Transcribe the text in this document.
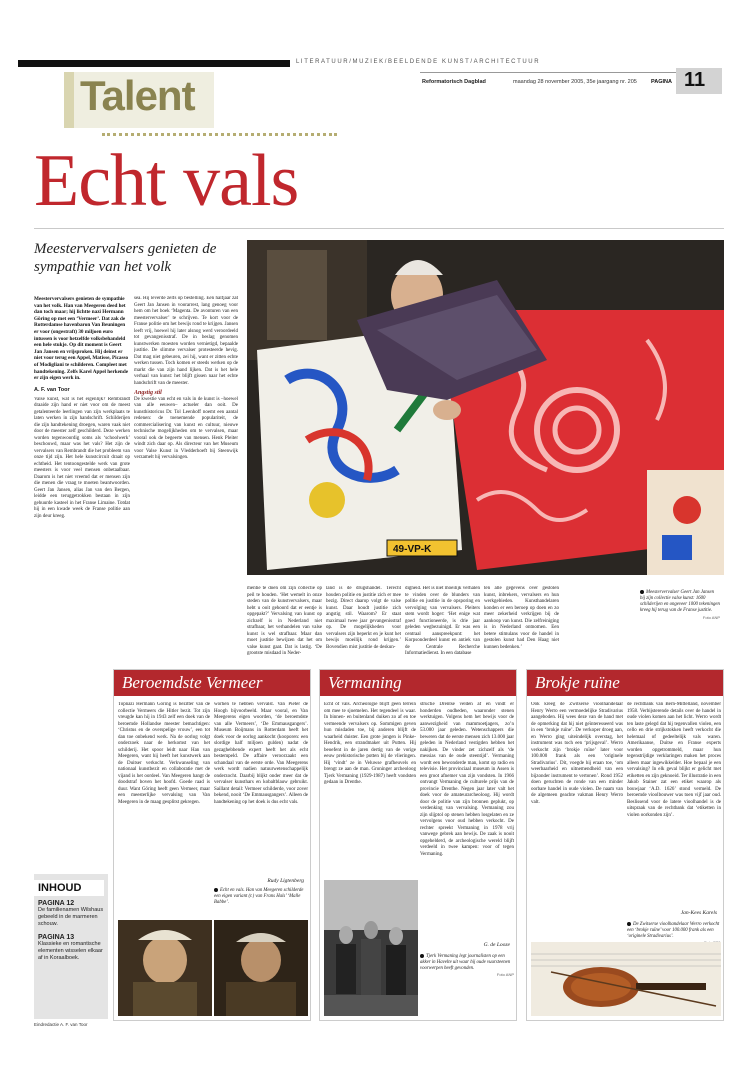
LITERATUUR/MUZIEK/BEELDENDE KUNST/ARCHITECTUUR
Talent	Reformatorisch Dagblad	maandag 28 november 2005, 35e jaargang nr. 205	PAGINA 11
Echt vals
Meestervervalsers genieten de sympathie van het volk
49-VP-K
Meestervervalser Geert Jan Jansen bij zijn collectie valse kunst: 1600 schilderijen en ongeveer 1000 tekeningen kreeg hij terug van de Franse justitie.
Foto ANP
Meestervervalsers genieten de sympathie van het volk. Han van Meegeren deed het dan toch maar; hij lichtte nazi Hermann Göring op met een ‘Vermeer’. Dat zak de Rotterdamse havenbaron Van Beuningen er voor (ongestraft) 30 miljoen euro intussen is voor hetzelfde volksbehandeld een hele stukje. Op dit moment is Geert Jan Jansen en vrijsproken. Hij deinst er niet voor terug een Appel, Matisse, Picasso of Modigliani te schilderen. Compleet met handtekening. Zelfs Karel Appel herkende er zijn eigen werk in.
A. F. van Toor

Valse kunst, wat is het eigenlijk? Rembrandt draaide zijn hand er niet voor om de meest getalenteerde leerlingen van zijn werkplaats te laten werken in zijn handschrift. Schilderijen die zijn handtekening droegen, waren vaak niet door de meester zelf geschilderd. Deze werken worden tegenwoordig soms als ‘schoolwerk’ beschouwd, maar was het vals? Het zijn de vervalsers van Rembrandt die het probleem van onze tijd zijn. Het hele kunstcircuit draait op echtheid. Het tentoongestelde werk van grote meesters is voor veel mensen onbetaalbaar. Daarom is het niet vreemd dat er mensen zijn die menen die vraag te moeten beantwoorden. Geert Jan Jansen, alias Jan van den Bergen, leidde een teruggetrokken bestaan in zijn gehuurde kasteel in het Franse Limaine. Totdat hij in een kwade week de Franse politie aan zijn deur kreeg.

sea. Hij leverde zelfs op bestelling. Een halfjaar zat Geert Jan Jansen in voorarrest, lang genoeg voor hem om het boek ‘Magenta. De avonturen van een meestervervalser’ te schrijven. Te kort voor de Franse politie om het bewijs rond te krijgen. Jansen leeft vrij, hoewel hij later alsnog werd veroordeeld tot gevangenisstraf. De in beslag genomen kunstwerken moesten worden vernietigd, bepaalde justitie. De slimme vervalser protesteerde hevig. Dat mag niet gebeuren, zei hij, want er zitten echte werken tussen. Toch komen er steeds werken op de markt die van zijn hand lijken. Dat is het hele verhaal van kunst: het blijft gissen naar het echte handschrift van de meester.

Angstig stil

De kwestie van echt en vals in de kunst is –hoewel van alle eeuwen– actueler dan ooit. De kunsthistoricus Dr. Tol Leenhoff noemt een aantal redenen: de toenemende populariteit, de commercialisering van kunst en cultuur, nieuwe technische mogelijkheden om te vervalsen, maar vooral ook de begeerte van mensen. Henk Pleiter windt zich daar op. Als directeur van het Museum voor Valse Kunst in Vledderhoeft bij Steenwijk verzamelt hij vervalsingen.

mentie te doen om zijn collectie op peil te houden. ‘Het wemelt in onze steden van de kunstvervalsers, maar hebt u ooit gehoord dat er eentje is opgepakt?’ Vervalsing van kunst op zichzelf is in Nederland niet strafbaar, het verhandelen van valse kunst is wel strafbaar. Maar dan moet justitie bewijzen dat het om valse kunst gaat. Dat is lastig. ‘De grootste misdaad in Neder-

land is de drugshandel. Terecht houden politie en justitie zich er mee bezig. Direct daarop volgt de valse kunst. Daar houdt justitie zich angstig stil. Waarom? Er staat maximaal twee jaar gevangenisstraf op. De mogelijkheden voor vervalsers zijn beperkt en je kunt het bewijs moeilijk rond krijgen.’ Bovendien mist justitie de deskun-

digheid. Het is niet moeilijk verhalen te vinden over de blunders van politie en justitie in de opsporing en vervolging van vervalsers. Pleiters stem wordt hoger: ‘Het enige wat goed functioneerde, is drie jaar geleden wegbezuinigd. Er was een centraal aanspreekpunt: het Korpsonderdeel kunst en antiek van de Centrale Recherche Informatiedienst. In een database

ten alle gegevens over gestolen kunst, inbrekers, vervalsers en hun werkgebieden. Kunsthandelaren konden er een beroep op doen en zo meer zekerheid verkrijgen bij de aankoop van kunst. Die zelfreiniging is in Nederland ontnomen. Een betere stimulans voor de handel in gestolen kunst had Den Haag niet kunnen bedenken.’

Beroemdste Vermeer

Topnazi Hermann Göring is bezitter van de collectie Vermeers die Hitler bezit. Tot zijn vreugde kan hij in 1943 zelf een doek van de beroemde Hollandse meester bemachtigen: ‘Christus en de overspelige vrouw’, een tot dan toe onbekend werk. Na de oorlog volgt onderzoek naar de herkomst van het schilderij. Het spoor leidt naar Han van Meegeren, want hij heeft het kunstwerk aan de Duitser verkocht. Verkwanseling van nationaal kunstbezit en collaboratie met de vijand is het oordeel. Van Meegeren hangt de doodstraf boven het hoofd. Goede raad is duur. Want Göring heeft geen Vermeer, maar een meesterlijke vervalsing van Van Meegeren in de maag gesplitst gekregen.

worhen te hebben vervalst. Van Pieter de Hoogh bijvoorbeeld. Maar vooral, en Van Meegerens eigen woorden, ‘de beroemdste van alle Vermeers’, ‘De Emmausgangers’. Museum Boijmans in Rotterdam heeft het doek voor de oorlog aankocht (kooporen: een slordige half miljoen gulden) nadat de gezaghebbende expert heeft het als echt bestempeld. De affaire veroorzaakt een schandaal van de eerste orde. Van Meegerens werk wordt nadien natuurwetenschappelijk onderzocht. Daarbij blijkt onder meer dat de vervalser kunsthars en kobaltblauw gebruikt. Saillant detail: Vermeer schilderde, voor zover bekend, nooit ‘De Emmausgangers’. Alleen de handtekening op het doek is dus echt vals.

Rudy Ligtenberg
Echt en vals. Han van Meegeren schilderde een eigen variant (r.) van Frans Hals’ ‘Malle Babbe’.
Vermaning

Echt of vals. Archeologie blijft geen terrein om mee te sjoemelen. Het tegendeel is waar. In binnen- en buitenland duiken zo af en toe vermeende vervalsers op. Sommigen geven hun misdaden toe, bij anderen blijft de waarheid duister. Een grote jongen is Pinke-Hendrik, een strandmaker uit Putten. Hij beoefent in de jaren dertig van de vorige eeuw prehistorische potten bij de vlieringen. Hij ‘vindt’ ze in Veluwse grafheuvels en brengt ze aan de man. Groninger archeoloog Tjerk Vermaning (1929-1987) heeft vondsten gedaan in Drenthe.

structie Drentse velden af en vindt er honderden oudheden, waaronder stenen werktuigen. Volgens hem het bewijs voor de aanwezigheid van mammoetjagers, zo’n 53.000 jaar geleden. Wetenschappers die beweren dat de eerste mensen zich 13.000 jaar geleden in Nederland vestigden hebben het nakijken. De vinder zet zichzelf als ‘de messias van de oude steentijd’. Vermaning wordt een bewonderde man, komt op radio en televisie. Het provinciaal museum in Assen is een groot afnemer van zijn vondsten. In 1966 ontvangt Vermaning de culturele prijs van de provincie Drenthe. Negen jaar later valt het doek voor de amateurarcheoloog. Hij wordt door de politie van zijn bronnen geplukt, op verdenking van vervalsing. Vermaning zou zijn slijptol op stenen hebben losgelaten en ze vervolgens voor oud hebben verkocht. De rechter spreekt Vermaning in 1978 vrij vanwege gebrek aan bewijs. De zaak is nooit opgehelderd, de archeologische wereld blijft verdeeld in twee kampen: voor of tegen Vermaning.

G. de Looze
Tjerk Vermaning legt journalisten op een akker in Havelte uit waar hij oude vuursteenen voorwerpen heeft gevonden.
Foto ANP
Brokje ruïne

Ook kreeg de Zwitserse vioolhandelaar Henry Werro een vermoedelijke Stradivarius aangeboden. Hij wees deze van de hand met de opmerking dat hij niet geïnteresseerd was in een ‘brokje ruïne’. De verkoper droeg aan, en Werro ging uiteindelijk overstag, het instrument was toch een ‘prijsgeval’. Werro verkocht zijn ‘brokje ruïne’ later voor 100.000 frank als een ‘originele Stradivarius’. Dit, voegde hij eraan toe, ‘om weerbaarheid en uitnemendheid van een bijzonder instrument te vertonen’. Rond 1952 doen geruchten de ronde van een minder oorbare handel in oude violen. De naam van de algemeen geachte vakman Henry Werro valt.

de rechtbank van Bern-Mittelland, november 1958. Verbijsterende details over de handel in oude violen komen aan het licht. Werro wordt ten laste gelegd dat hij tegenvallen violen, een cello en drie strijkstokken heeft verkocht die helemaal of gedeeltelijk vals waren. Amerikaanse, Duitse en Franse experts worden opgetrommeld, maar hun tegenstrijdige verklaringen maken het proces alleen maar ingewikkelder. Hoe bepaal je een vervalsing? In elk geval blijkt er gelicht met etiketten en zijn geknoeid. Ter illustratie in een Jakob Stainer zat een etiket waarop als bouwjaar ‘A.D. 1626’ stond vermeld. De beroemde vioolbouwer was toen vijf jaar oud. Beslissend voor de latere vioolhandel is de uitspraak van de rechtbank dat ‘etiketten in violen oorkonden zijn’.

Jan-Kees Karels
De Zwitserse vioolhandelaar Werro verkocht een ‘brokje ruïne’ voor 100.000 frank als een ‘originele Stradivarius’.
INHOUD
PAGINA 12
De familienamen Wilshaus gebeeld in de marmeren schouw.
PAGINA 13
Klassieke en romantische elementen wisselen elkaar af in Koraalboek.
Eindredactie A. F. van Toor
